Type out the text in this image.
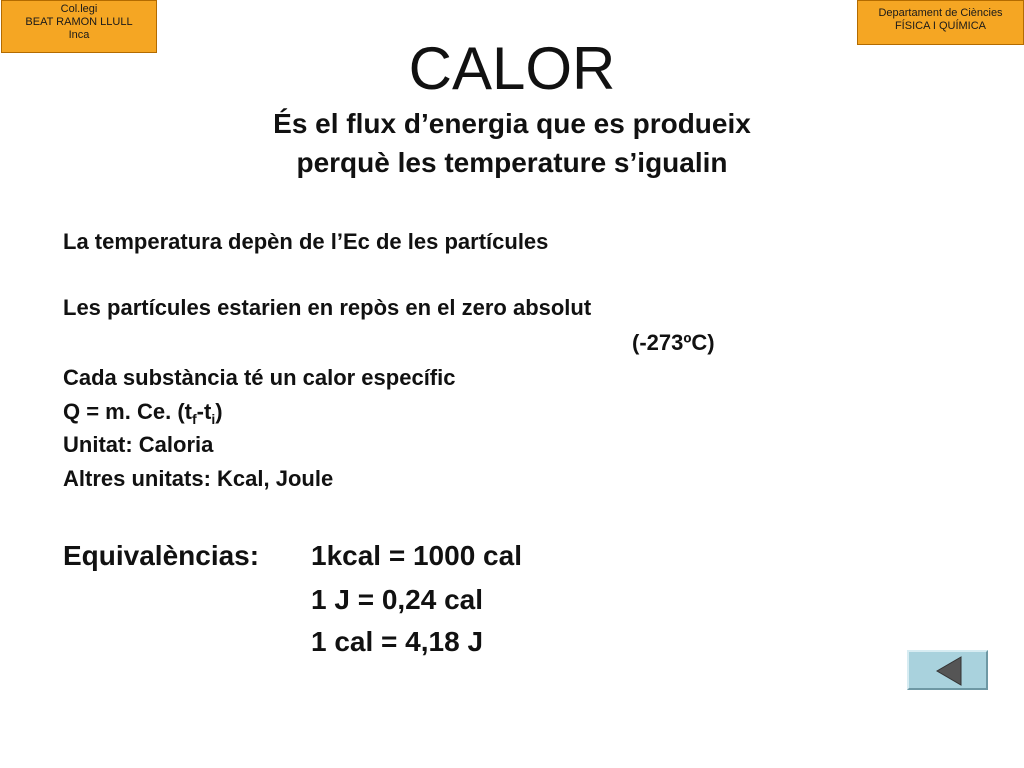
Col.legi
BEAT RAMON LLULL
Inca
Departament de Ciències
FÍSICA I QUÍMICA
CALOR
És el flux d’energia que es produeix
perquè les temperature s’igualin
La temperatura depèn de l’Ec de les partícules
Les partícules estarien en repòs en el zero absolut
(-273ºC)
Cada substància té un calor específic
Q = m. Ce. $(t_f-t_i)$
Unitat: Caloria
Altres unitats: Kcal, Joule
Equivalèncias: 1kcal = 1000 cal
1 J = 0,24 cal
1 cal = 4,18 J
